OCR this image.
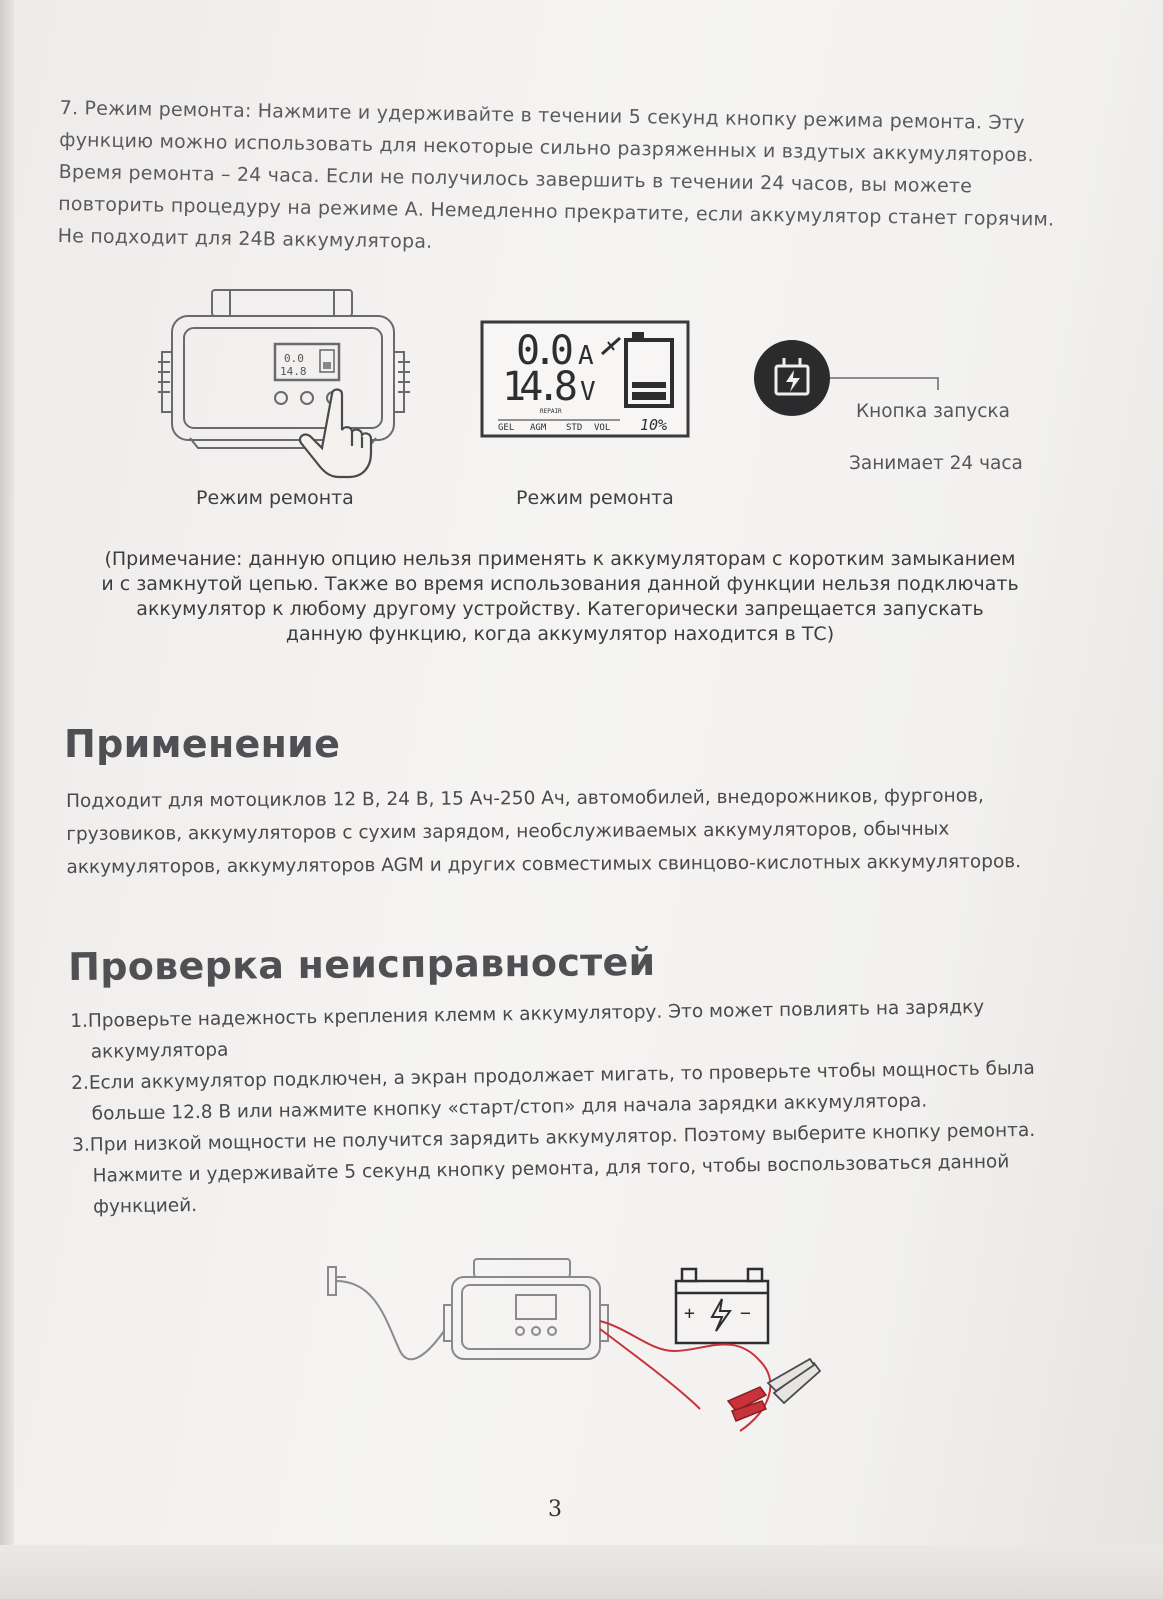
7. Режим ремонта: Нажмите и удерживайте в течении 5 секунд кнопку режима ремонта. Эту функцию можно использовать для некоторые сильно разряженных и вздутых аккумуляторов. Время ремонта – 24 часа. Если не получилось завершить в течении 24 часов, вы можете повторить процедуру на режиме А. Немедленно прекратите, если аккумулятор станет горячим. Не подходит для 24В аккумулятора.
0.0
14.8
Режим ремонта
0.0 A
14.8 V
REPAIR
GEL AGM STD VOL 10%
Режим ремонта
Кнопка запуска
Занимает 24 часа
(Примечание: данную опцию нельзя применять к аккумуляторам с коротким замыканием и с замкнутой цепью. Также во время использования данной функции нельзя подключать аккумулятор к любому другому устройству. Категорически запрещается запускать данную функцию, когда аккумулятор находится в ТС)
Применение
Подходит для мотоциклов 12 В, 24 В, 15 Ач-250 Ач, автомобилей, внедорожников, фургонов, грузовиков, аккумуляторов с сухим зарядом, необслуживаемых аккумуляторов, обычных аккумуляторов, аккумуляторов AGM и других совместимых свинцово-кислотных аккумуляторов.
Проверка неисправностей
1.Проверьте надежность крепления клемм к аккумулятору. Это может повлиять на зарядку аккумулятора
2.Если аккумулятор подключен, а экран продолжает мигать, то проверьте чтобы мощность была больше 12.8 В или нажмите кнопку «старт/стоп» для начала зарядки аккумулятора.
3.При низкой мощности не получится зарядить аккумулятор. Поэтому выберите кнопку ремонта. Нажмите и удерживайте 5 секунд кнопку ремонта, для того, чтобы воспользоваться данной функцией.
+	−
3
